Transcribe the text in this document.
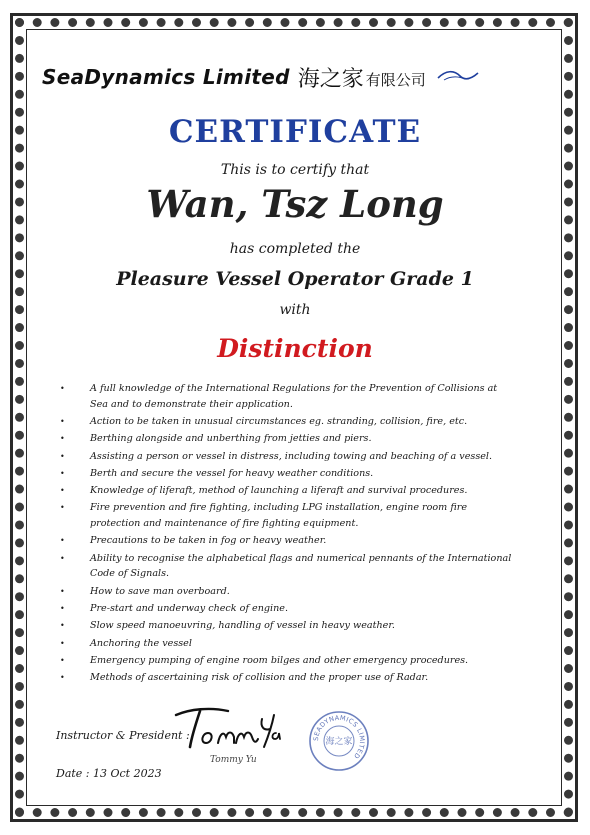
SeaDynamics Limited 海之家 有限公司
CERTIFICATE
This is to certify that
Wan, Tsz Long
has completed the
Pleasure Vessel Operator Grade 1
with
Distinction
•	A full knowledge of the International Regulations for the Prevention of Collisions at Sea and to demonstrate their application.
•	Action to be taken in unusual circumstances eg. stranding, collision, fire, etc.
•	Berthing alongside and unberthing from jetties and piers.
•	Assisting a person or vessel in distress, including towing and beaching of a vessel.
•	Berth and secure the vessel for heavy weather conditions.
•	Knowledge of liferaft, method of launching a liferaft and survival procedures.
•	Fire prevention and fire fighting, including LPG installation, engine room fire protection and maintenance of fire fighting equipment.
•	Precautions to be taken in fog or heavy weather.
•	Ability to recognise the alphabetical flags and numerical pennants of the International Code of Signals.
•	How to save man overboard.
•	Pre-start and underway check of engine.
•	Slow speed manoeuvring, handling of vessel in heavy weather.
•	Anchoring the vessel
•	Emergency pumping of engine room bilges and other emergency procedures.
•	Methods of ascertaining risk of collision and the proper use of Radar.
Instructor & President :
Tommy Yu
SEADYNAMICS LIMITED
海之家
Date : 13 Oct 2023
